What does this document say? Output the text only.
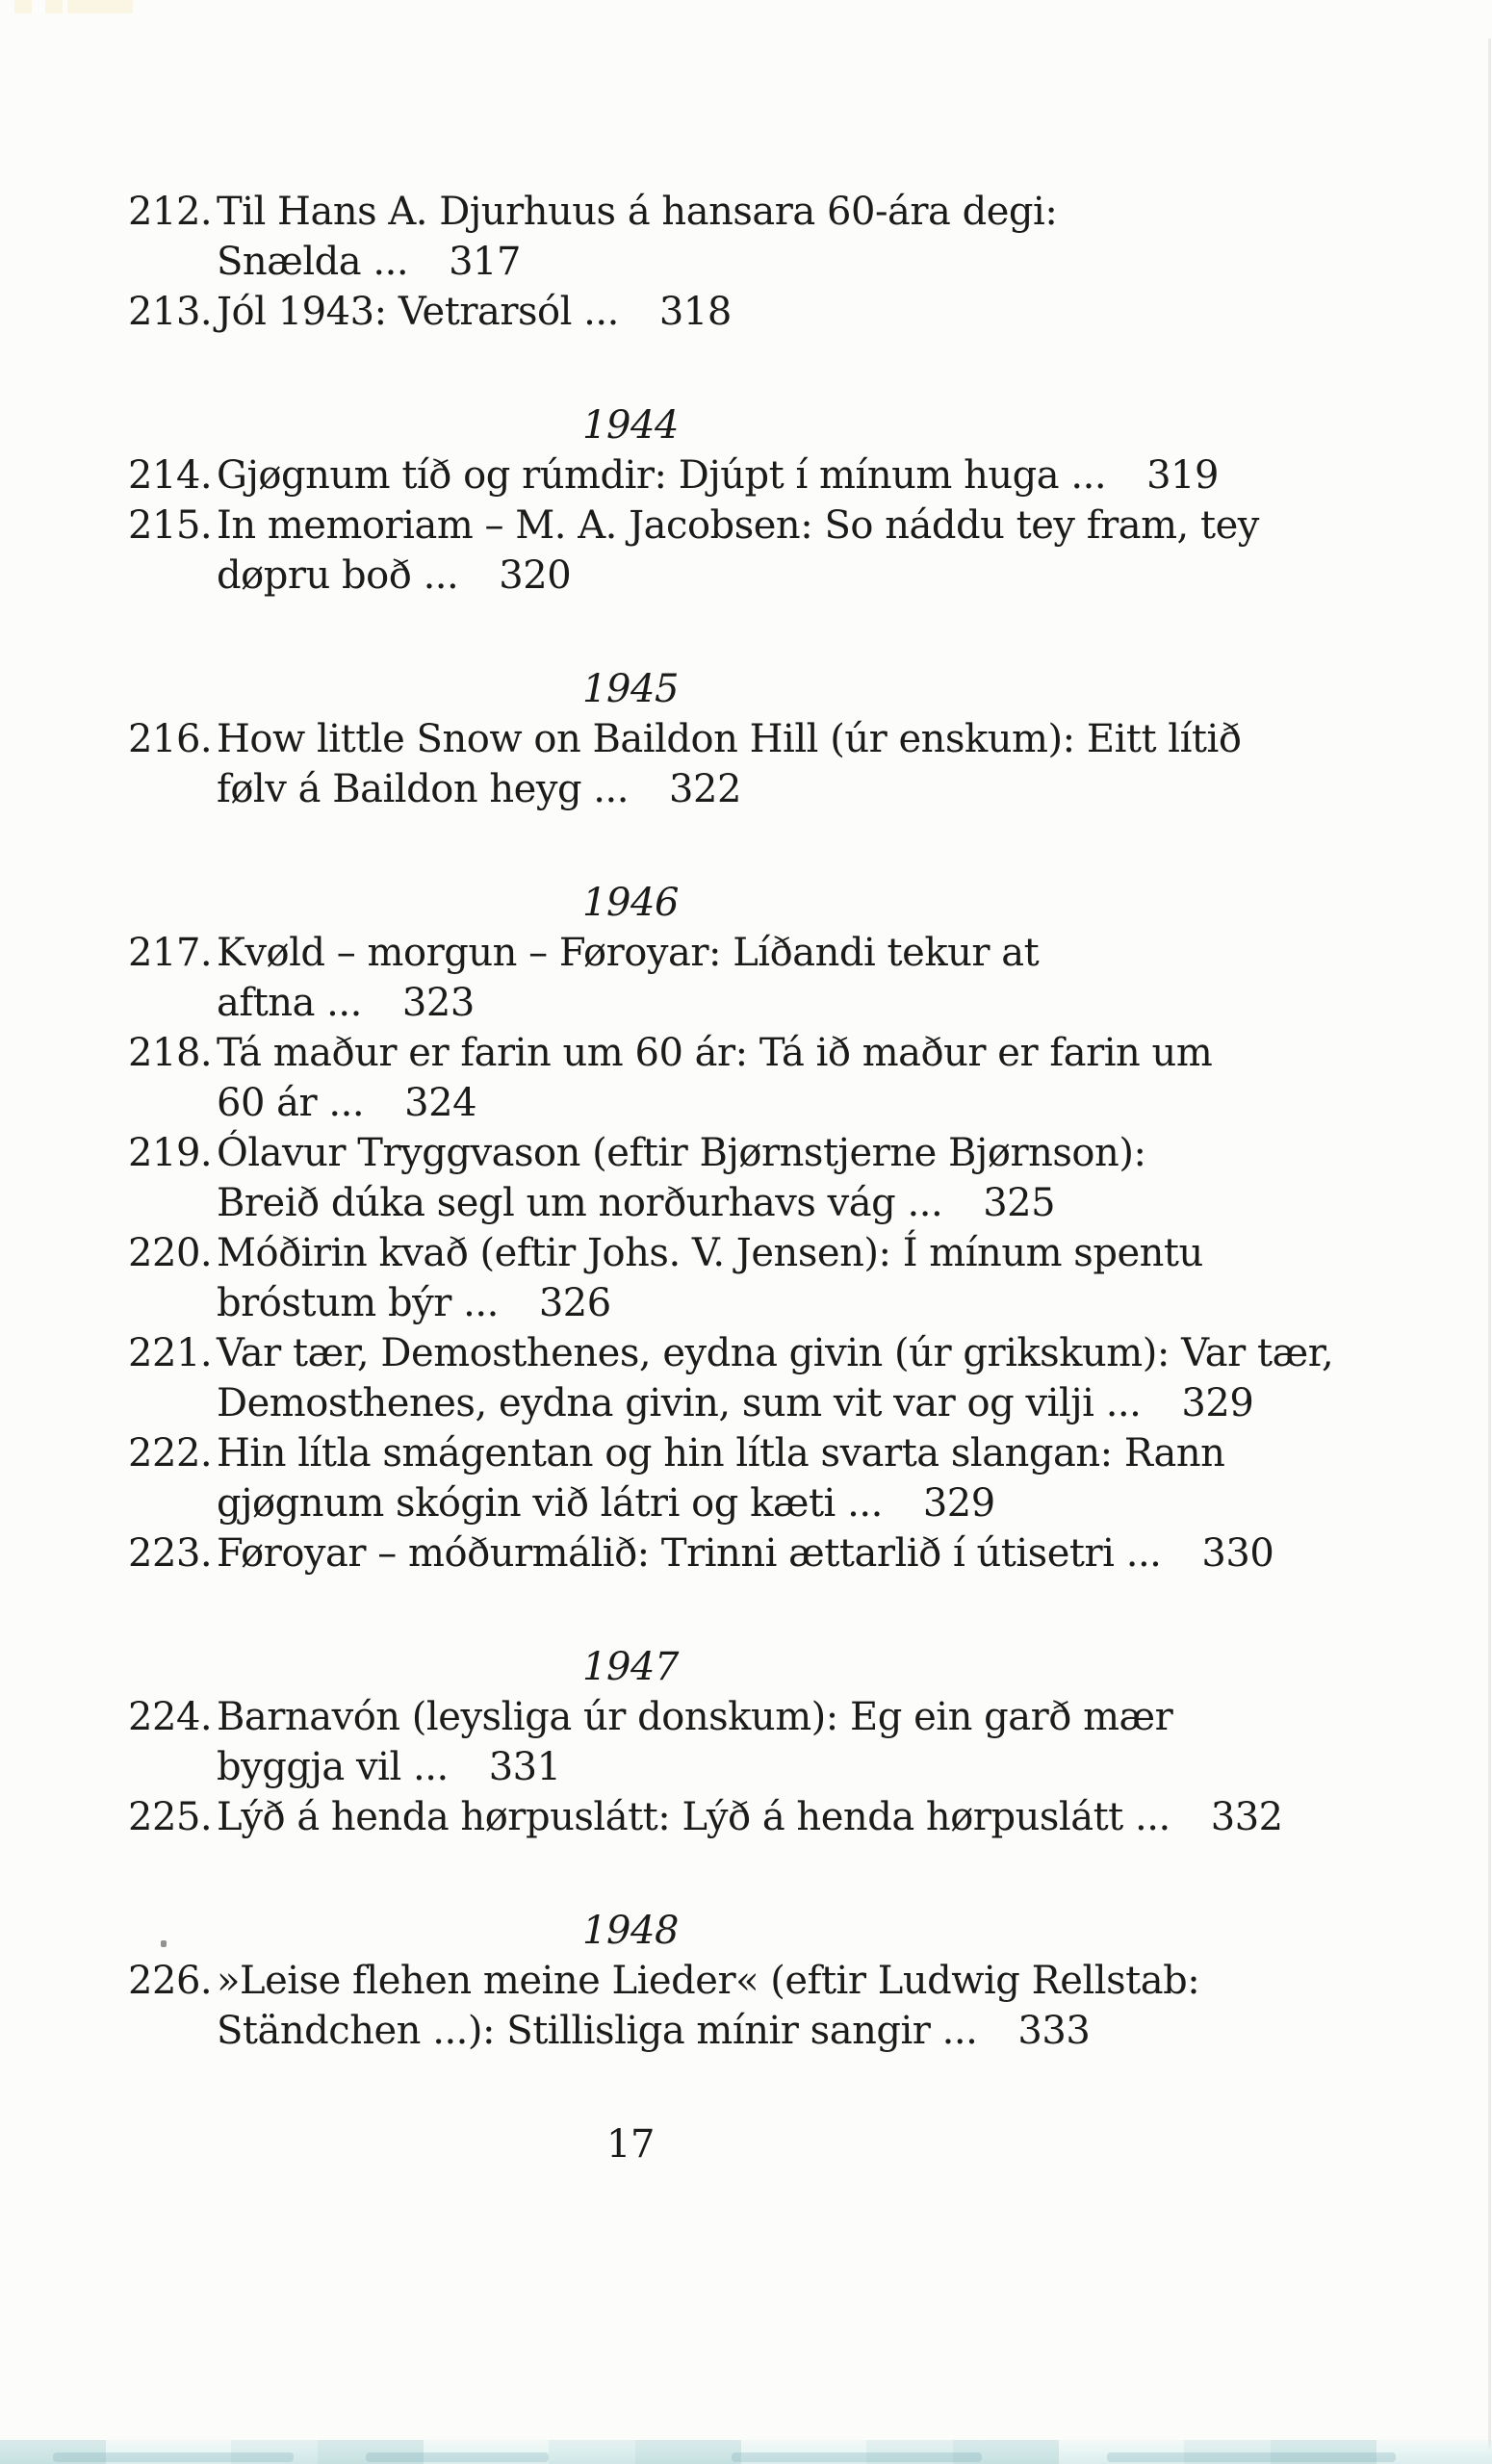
212. Til Hans A. Djurhuus á hansara 60-ára degi:
Snælda ... 317
213. Jól 1943: Vetrarsól ... 318
1944
214. Gjøgnum tíð og rúmdir: Djúpt í mínum huga ... 319
215. In memoriam – M. A. Jacobsen: So náddu tey fram, tey
døpru boð ... 320
1945
216. How little Snow on Baildon Hill (úr enskum): Eitt lítið
følv á Baildon heyg ... 322
1946
217. Kvøld – morgun – Føroyar: Líðandi tekur at
aftna ... 323
218. Tá maður er farin um 60 ár: Tá ið maður er farin um
60 ár ... 324
219. Ólavur Tryggvason (eftir Bjørnstjerne Bjørnson):
Breið dúka segl um norðurhavs vág ... 325
220. Móðirin kvað (eftir Johs. V. Jensen): Í mínum spentu
bróstum býr ... 326
221. Var tær, Demosthenes, eydna givin (úr grikskum): Var tær,
Demosthenes, eydna givin, sum vit var og vilji ... 329
222. Hin lítla smágentan og hin lítla svarta slangan: Rann
gjøgnum skógin við látri og kæti ... 329
223. Føroyar – móðurmálið: Trinni ættarlið í útisetri ... 330
1947
224. Barnavón (leysliga úr donskum): Eg ein garð mær
byggja vil ... 331
225. Lýð á henda hørpuslátt: Lýð á henda hørpuslátt ... 332
1948
226. »Leise flehen meine Lieder« (eftir Ludwig Rellstab:
Ständchen ...): Stillisliga mínir sangir ... 333
17
